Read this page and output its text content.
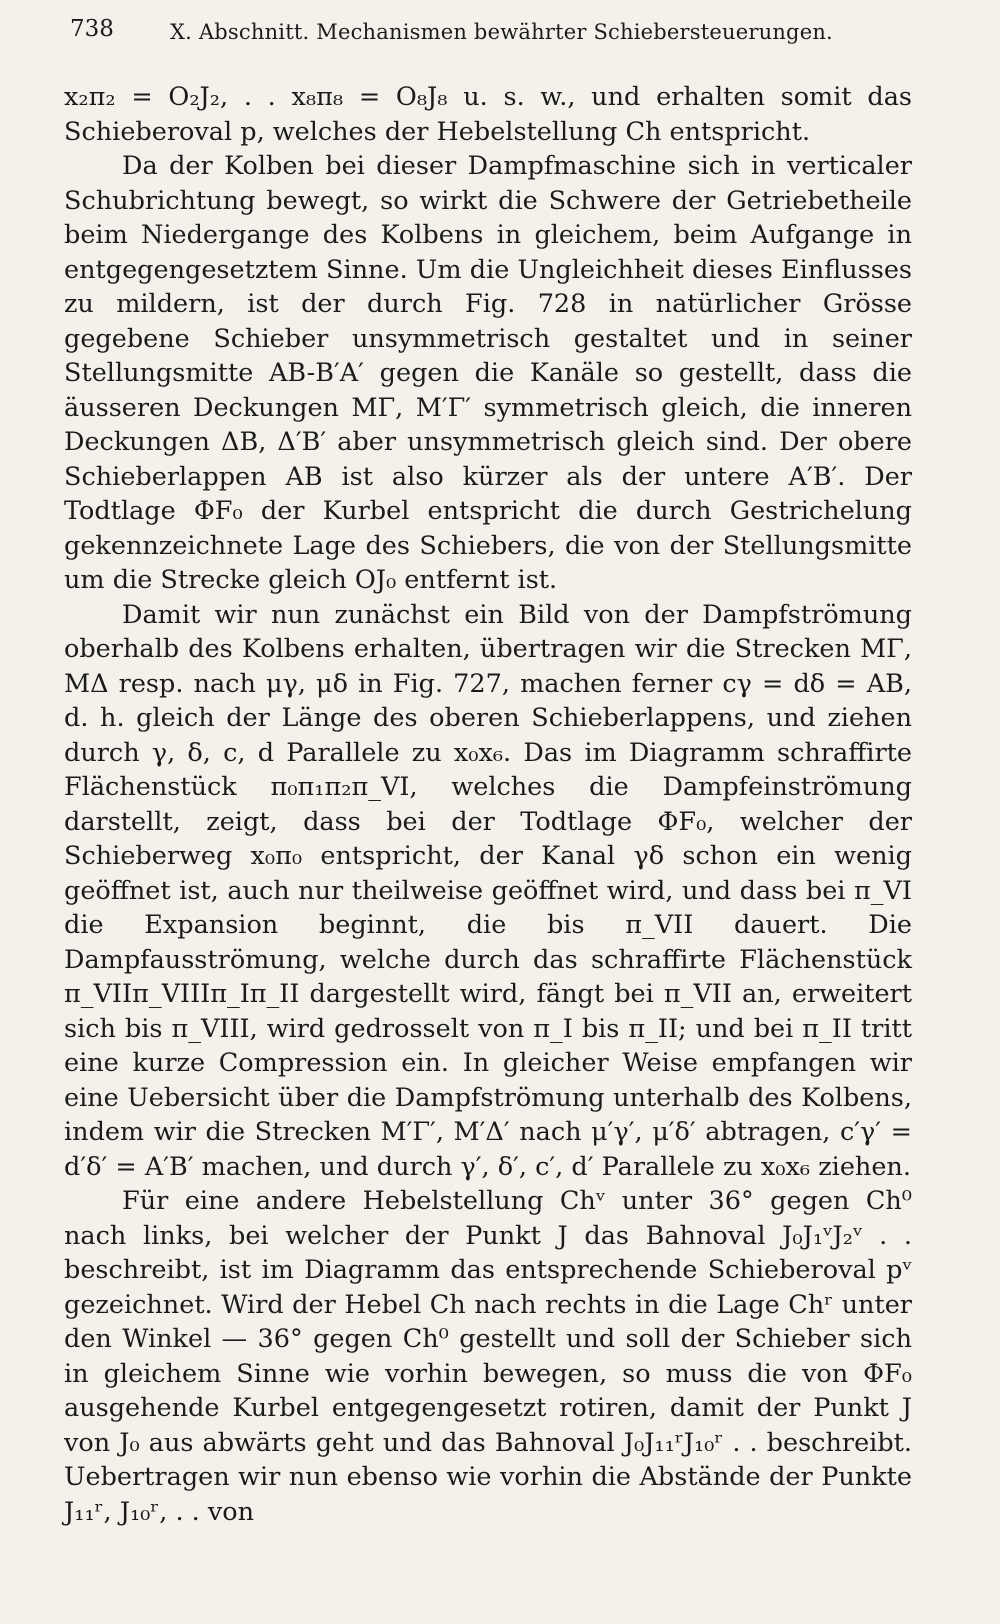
738	X. Abschnitt. Mechanismen bewährter Schiebersteuerungen.

x₂π₂ = O₂J₂, . . x₈π₈ = O₈J₈ u. s. w., und erhalten somit das Schieberoval p, welches der Hebelstellung Ch entspricht.

Da der Kolben bei dieser Dampfmaschine sich in verticaler Schubrichtung bewegt, so wirkt die Schwere der Getriebetheile beim Niedergange des Kolbens in gleichem, beim Aufgange in entgegengesetztem Sinne. Um die Ungleichheit dieses Einflusses zu mildern, ist der durch Fig. 728 in natürlicher Grösse gegebene Schieber unsymmetrisch gestaltet und in seiner Stellungsmitte AB-B′A′ gegen die Kanäle so gestellt, dass die äusseren Deckungen MΓ, M′Γ′ symmetrisch gleich, die inneren Deckungen ΔB, Δ′B′ aber unsymmetrisch gleich sind. Der obere Schieberlappen AB ist also kürzer als der untere A′B′. Der Todtlage ΦF₀ der Kurbel entspricht die durch Gestrichelung gekennzeichnete Lage des Schiebers, die von der Stellungsmitte um die Strecke gleich OJ₀ entfernt ist.

Damit wir nun zunächst ein Bild von der Dampfströmung oberhalb des Kolbens erhalten, übertragen wir die Strecken MΓ, MΔ resp. nach μγ, μδ in Fig. 727, machen ferner cγ = dδ = AB, d. h. gleich der Länge des oberen Schieberlappens, und ziehen durch γ, δ, c, d Parallele zu x₀x₆. Das im Diagramm schraffirte Flächenstück π₀π₁π₂π_VI, welches die Dampfeinströmung darstellt, zeigt, dass bei der Todtlage ΦF₀, welcher der Schieberweg x₀π₀ entspricht, der Kanal γδ schon ein wenig geöffnet ist, auch nur theilweise geöffnet wird, und dass bei π_VI die Expansion beginnt, die bis π_VII dauert. Die Dampfausströmung, welche durch das schraffirte Flächenstück π_VIIπ_VIIIπ_Iπ_II dargestellt wird, fängt bei π_VII an, erweitert sich bis π_VIII, wird gedrosselt von π_I bis π_II; und bei π_II tritt eine kurze Compression ein. In gleicher Weise empfangen wir eine Uebersicht über die Dampfströmung unterhalb des Kolbens, indem wir die Strecken M′Γ′, M′Δ′ nach μ′γ′, μ′δ′ abtragen, c′γ′ = d′δ′ = A′B′ machen, und durch γ′, δ′, c′, d′ Parallele zu x₀x₆ ziehen.

Für eine andere Hebelstellung Chᵛ unter 36° gegen Ch⁰ nach links, bei welcher der Punkt J das Bahnoval J₀J₁ᵛJ₂ᵛ . . beschreibt, ist im Diagramm das entsprechende Schieberoval pᵛ gezeichnet. Wird der Hebel Ch nach rechts in die Lage Chʳ unter den Winkel — 36° gegen Ch⁰ gestellt und soll der Schieber sich in gleichem Sinne wie vorhin bewegen, so muss die von ΦF₀ ausgehende Kurbel entgegengesetzt rotiren, damit der Punkt J von J₀ aus abwärts geht und das Bahnoval J₀J₁₁ʳJ₁₀ʳ . . beschreibt. Uebertragen wir nun ebenso wie vorhin die Abstände der Punkte J₁₁ʳ, J₁₀ʳ, . . von
